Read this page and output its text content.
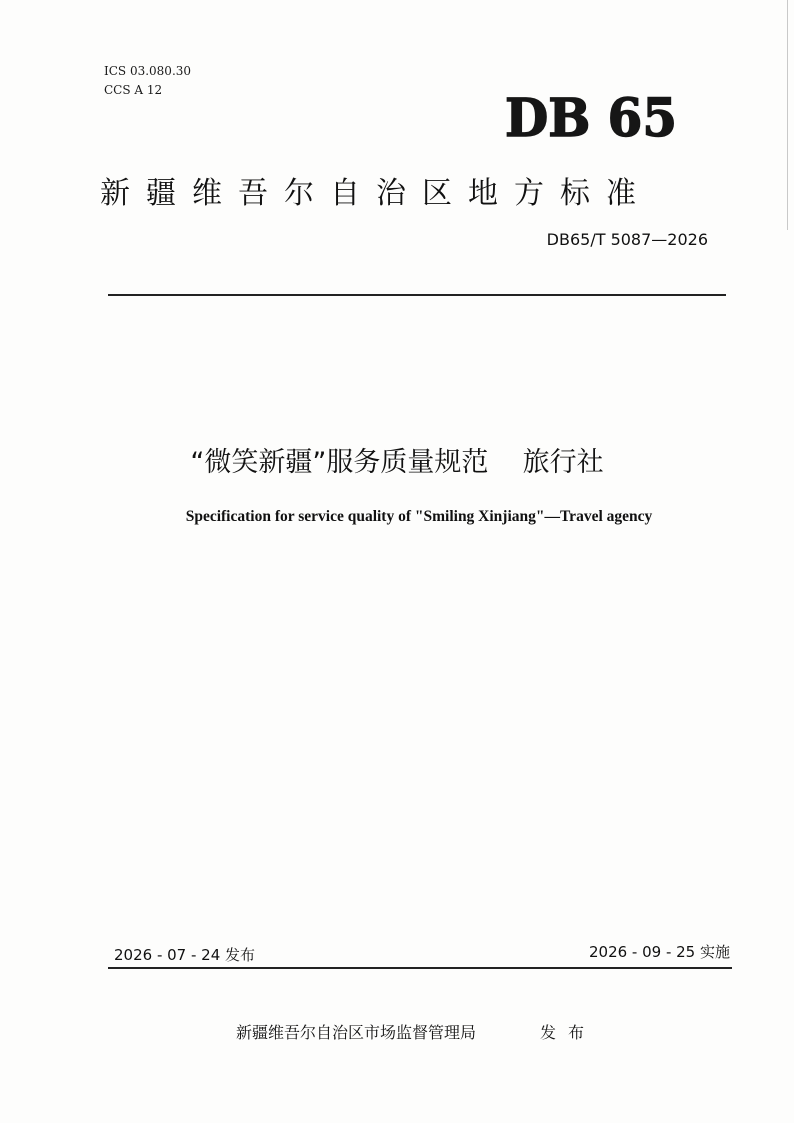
ICS 03.080.30
CCS A 12	DB 65
新疆维吾尔自治区地方标准
DB65/T 5087—2026
“微笑新疆”服务质量规范    旅行社
Specification for service quality of "Smiling Xinjiang"—Travel agency
2026 - 07 - 24 发布	2026 - 09 - 25 实施
新疆维吾尔自治区市场监督管理局	发布
